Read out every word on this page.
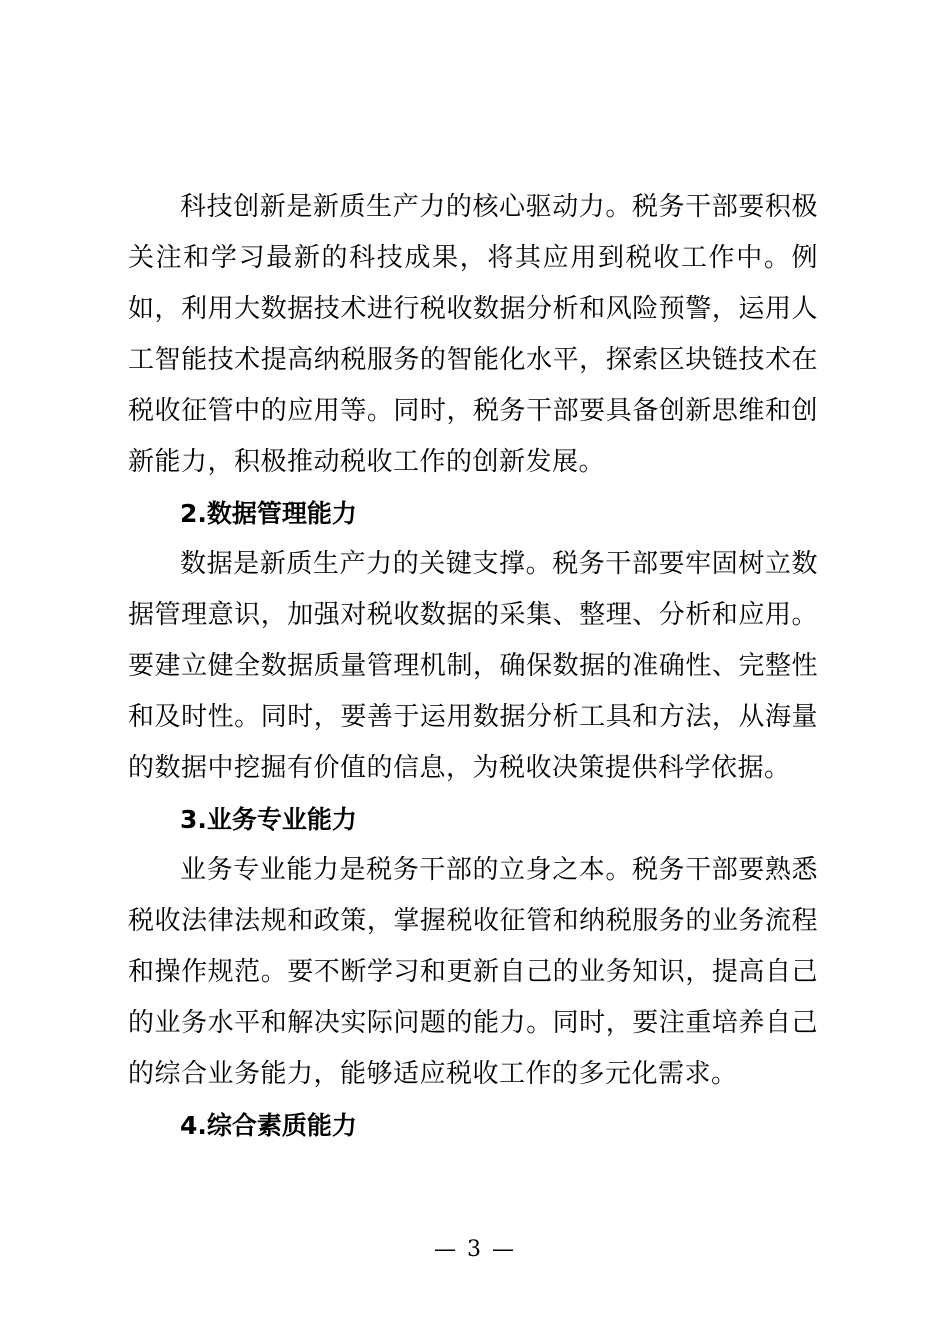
科技创新是新质生产力的核心驱动力。税务干部要积极关注和学习最新的科技成果，将其应用到税收工作中。例如，利用大数据技术进行税收数据分析和风险预警，运用人工智能技术提高纳税服务的智能化水平，探索区块链技术在税收征管中的应用等。同时，税务干部要具备创新思维和创新能力，积极推动税收工作的创新发展。

2.数据管理能力

数据是新质生产力的关键支撑。税务干部要牢固树立数据管理意识，加强对税收数据的采集、整理、分析和应用。要建立健全数据质量管理机制，确保数据的准确性、完整性和及时性。同时，要善于运用数据分析工具和方法，从海量的数据中挖掘有价值的信息，为税收决策提供科学依据。

3.业务专业能力

业务专业能力是税务干部的立身之本。税务干部要熟悉税收法律法规和政策，掌握税收征管和纳税服务的业务流程和操作规范。要不断学习和更新自己的业务知识，提高自己的业务水平和解决实际问题的能力。同时，要注重培养自己的综合业务能力，能够适应税收工作的多元化需求。

4.综合素质能力
— 3 —
